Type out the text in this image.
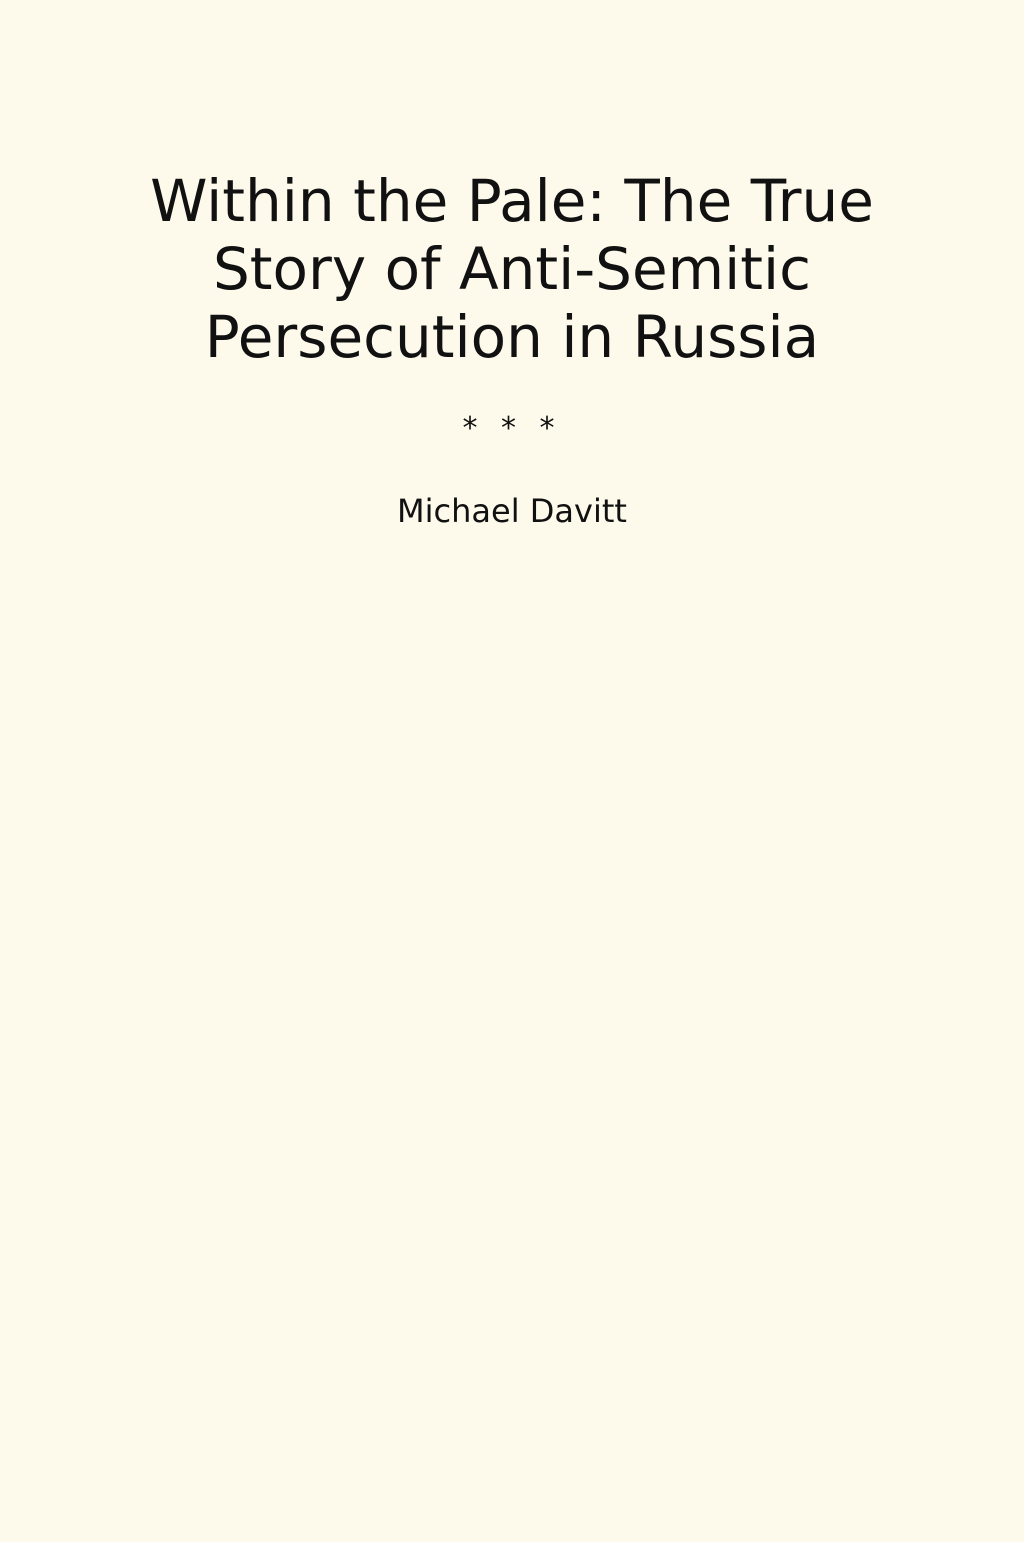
Within the Pale: The True Story of Anti-Semitic Persecution in Russia
* * *
Michael Davitt
